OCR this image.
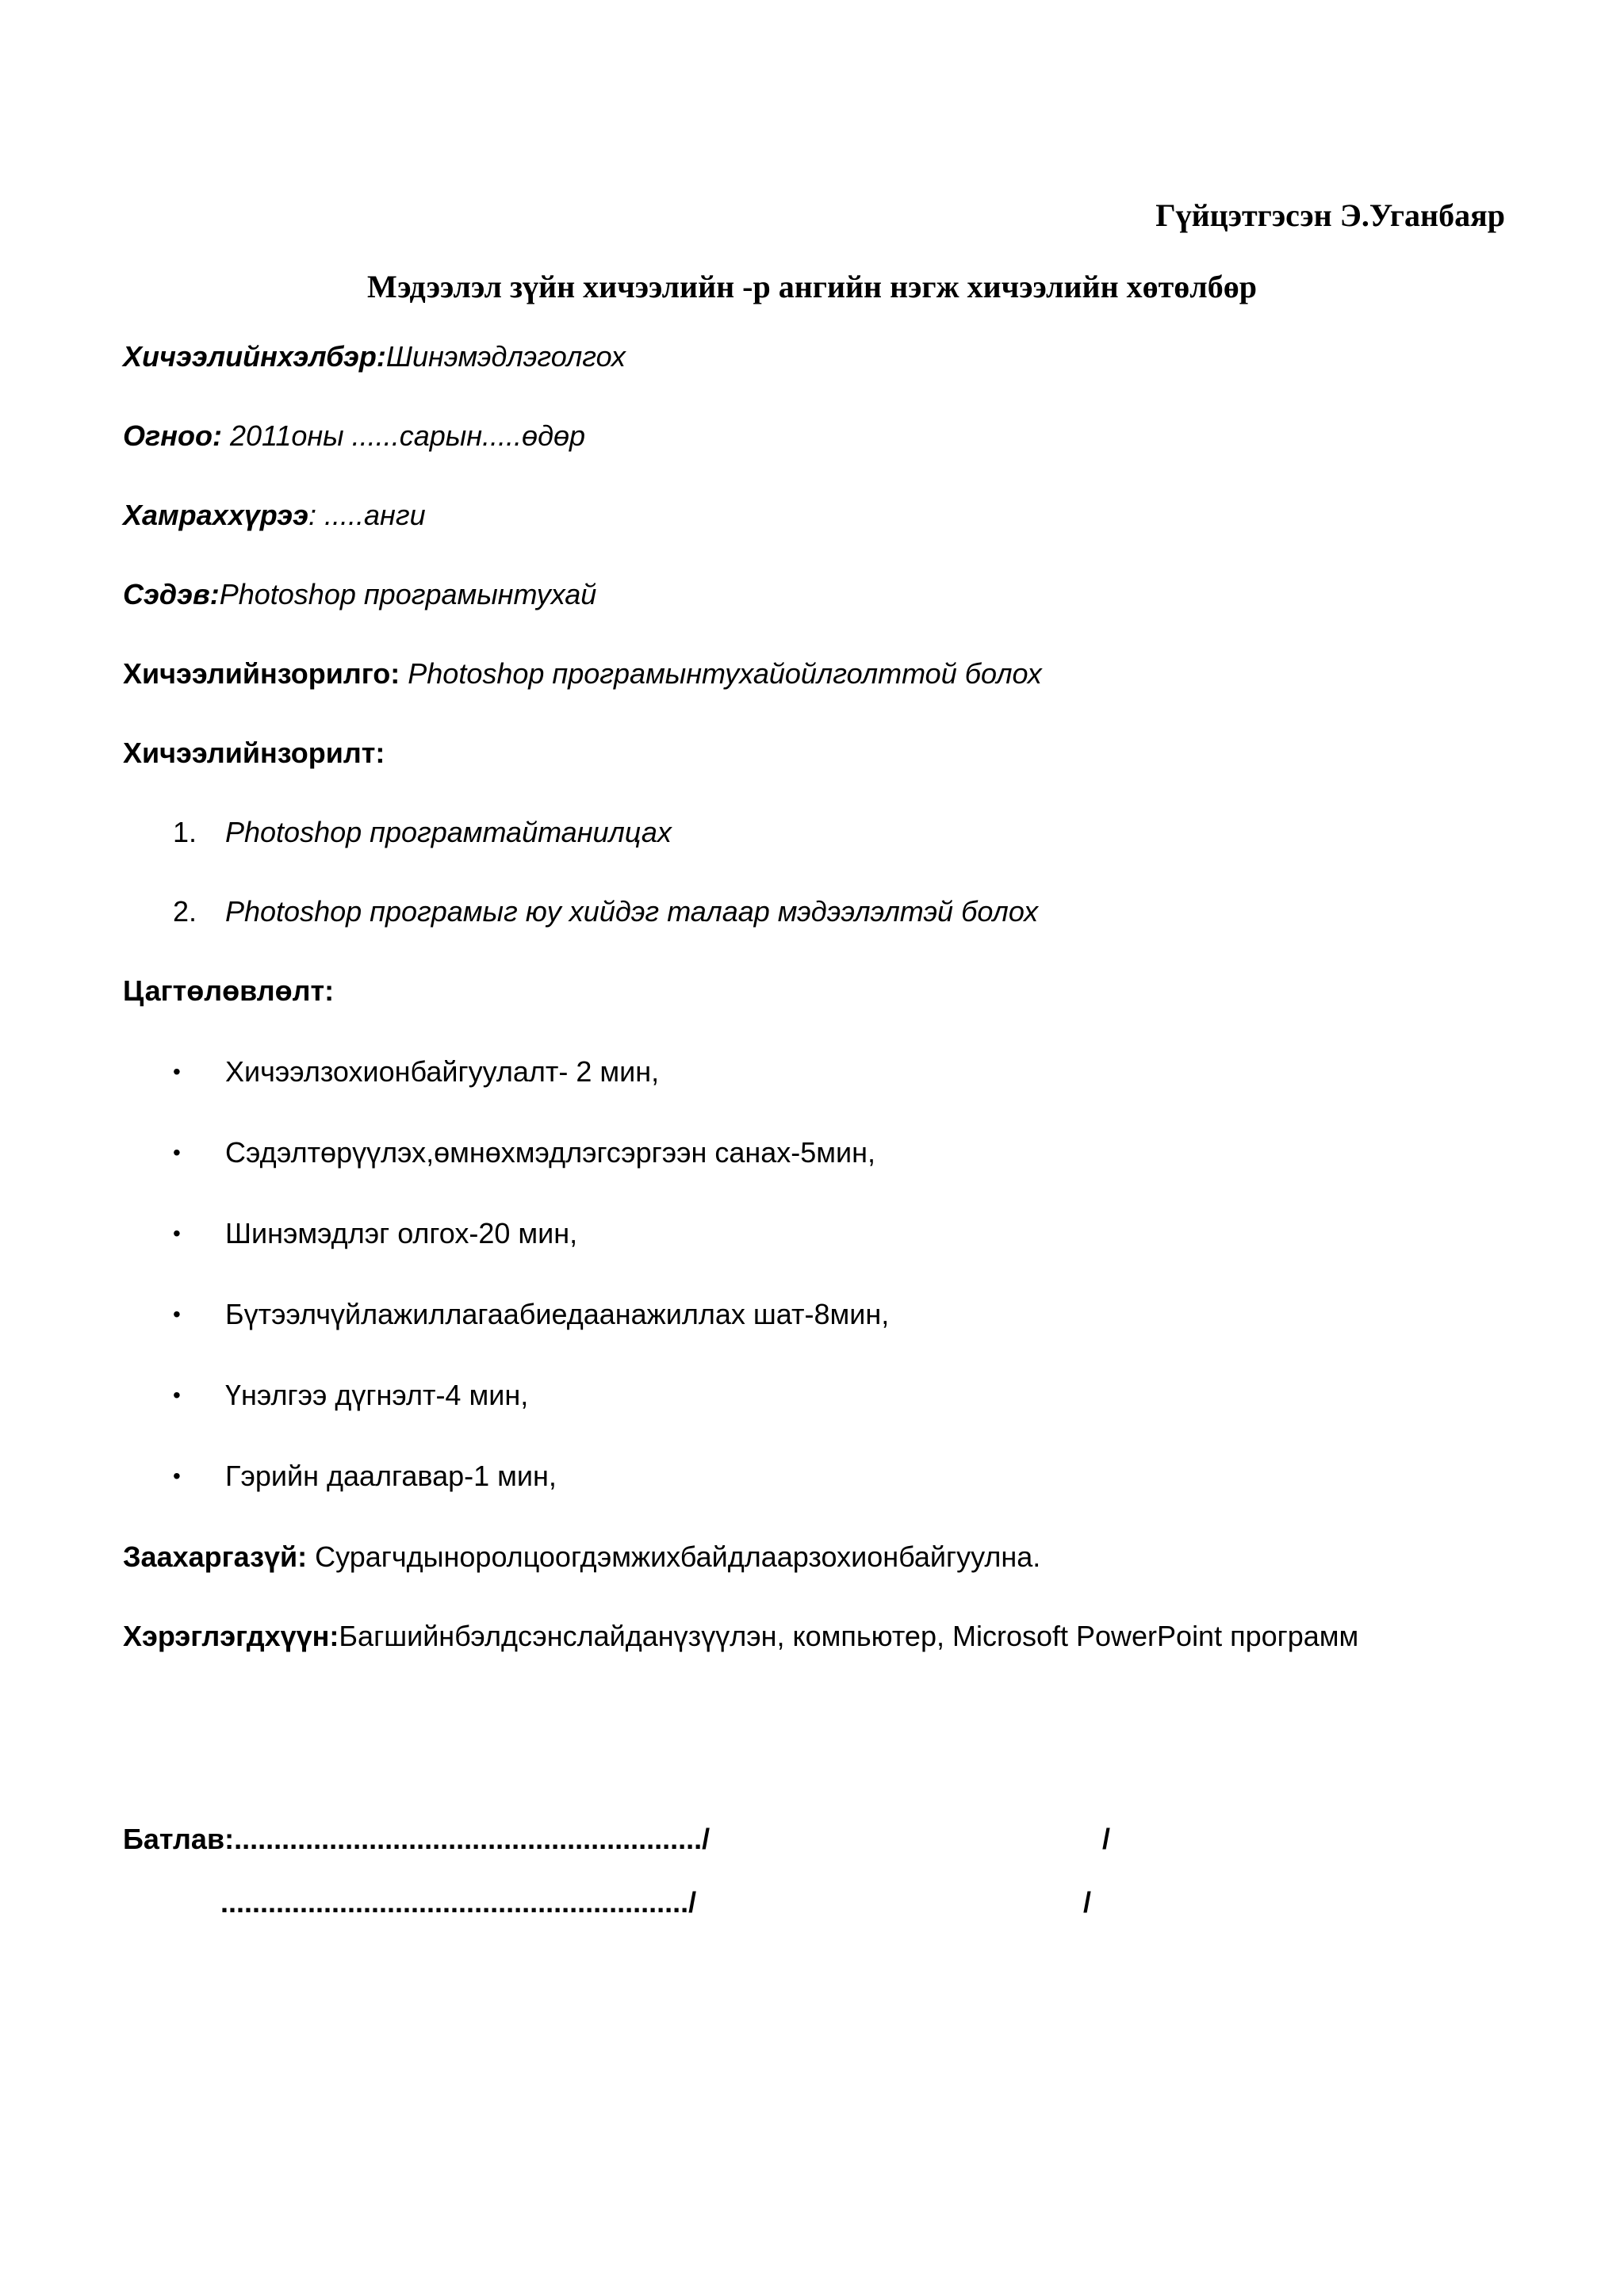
Гүйцэтгэсэн Э.Уганбаяр
Мэдээлэл зүйн хичээлийн -р ангийн нэгж хичээлийн хөтөлбөр
Хичээлийнхэлбэр:Шинэмэдлэголгох
Огноо: 2011оны ......сарын.....өдөр
Хамраххүрээ: .....анги
Сэдэв:Photoshop програмынтухай
Хичээлийнзорилго: Photoshop програмынтухайойлголттой болох
Хичээлийнзорилт:
1. Photoshop програмтайтанилцах
2. Photoshop програмыг юу хийдэг талаар мэдээлэлтэй болох
Цагтөлөвлөлт:
• Хичээлзохионбайгуулалт- 2 мин,
• Сэдэлтөрүүлэх,өмнөхмэдлэгсэргээн санах-5мин,
• Шинэмэдлэг олгох-20 мин,
• Бүтээлчүйлажиллагаабиедаанажиллах шат-8мин,
• Үнэлгээ дүгнэлт-4 мин,
• Гэрийн даалгавар-1 мин,
Заахаргазүй: Сурагчдыноролцоогдэмжихбайдлаарзохионбайгуулна.
Хэрэглэгдхүүн:Багшийнбэлдсэнслайданүзүүлэн, компьютер, Microsoft PowerPoint программ
Батлав:.........................................................../	/
.........................................................../	/
